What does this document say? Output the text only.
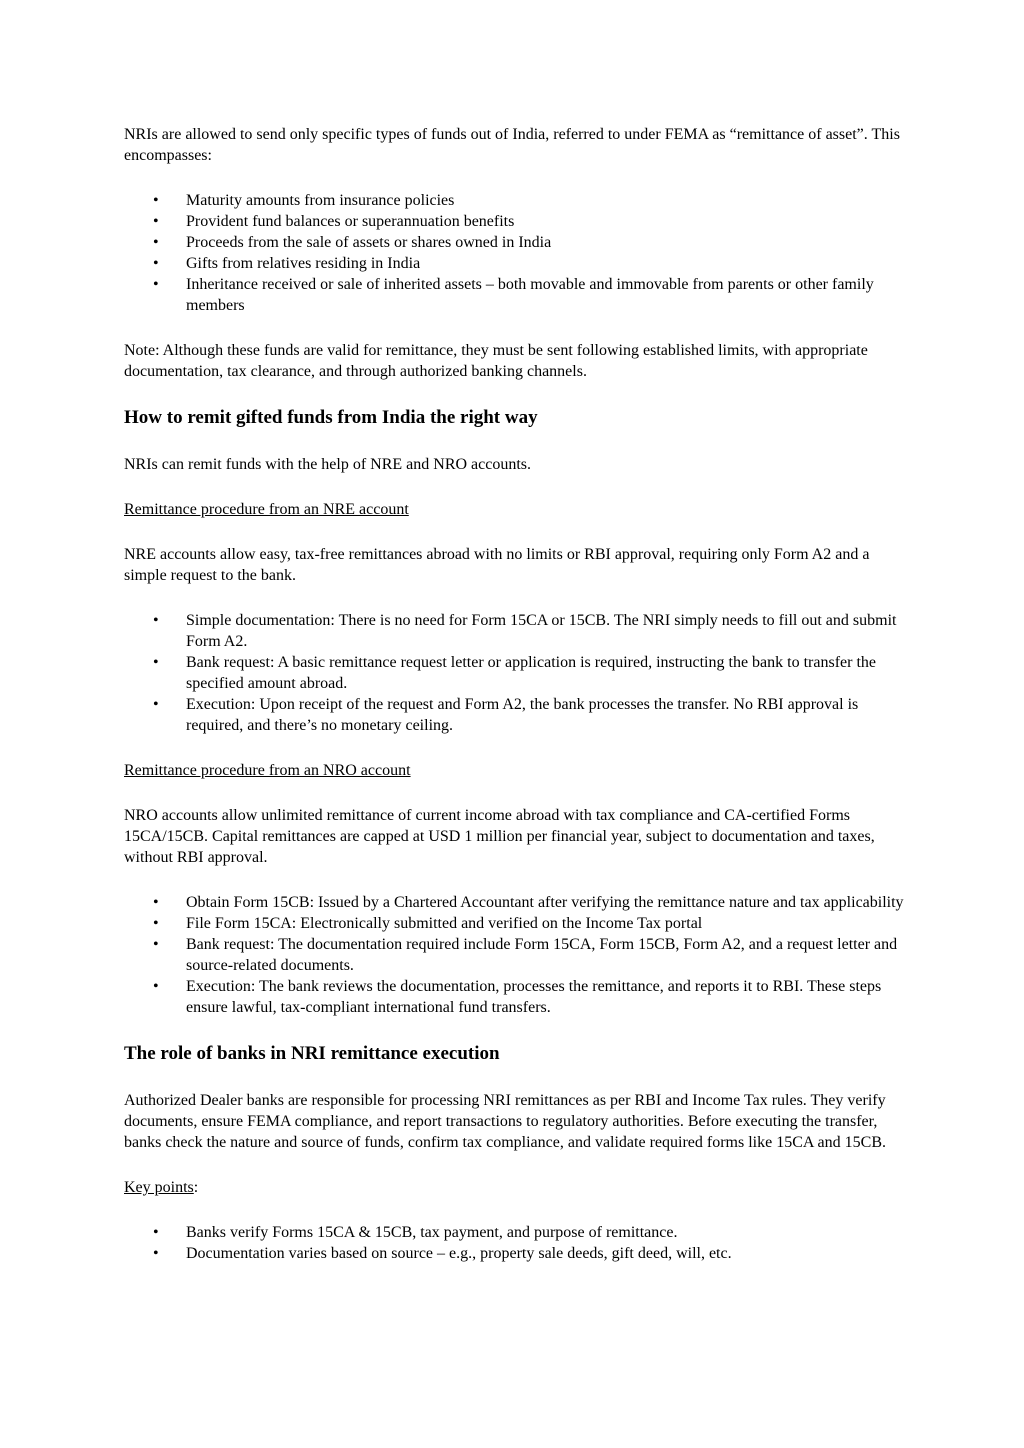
NRIs are allowed to send only specific types of funds out of India, referred to under FEMA as “remittance of asset”. This encompasses:

• Maturity amounts from insurance policies
• Provident fund balances or superannuation benefits
• Proceeds from the sale of assets or shares owned in India
• Gifts from relatives residing in India
• Inheritance received or sale of inherited assets – both movable and immovable from parents or other family members

Note: Although these funds are valid for remittance, they must be sent following established limits, with appropriate documentation, tax clearance, and through authorized banking channels.

How to remit gifted funds from India the right way

NRIs can remit funds with the help of NRE and NRO accounts.

Remittance procedure from an NRE account

NRE accounts allow easy, tax-free remittances abroad with no limits or RBI approval, requiring only Form A2 and a simple request to the bank.

• Simple documentation: There is no need for Form 15CA or 15CB. The NRI simply needs to fill out and submit Form A2.
• Bank request: A basic remittance request letter or application is required, instructing the bank to transfer the specified amount abroad.
• Execution: Upon receipt of the request and Form A2, the bank processes the transfer. No RBI approval is required, and there’s no monetary ceiling.

Remittance procedure from an NRO account

NRO accounts allow unlimited remittance of current income abroad with tax compliance and CA-certified Forms 15CA/15CB. Capital remittances are capped at USD 1 million per financial year, subject to documentation and taxes, without RBI approval.

• Obtain Form 15CB: Issued by a Chartered Accountant after verifying the remittance nature and tax applicability
• File Form 15CA: Electronically submitted and verified on the Income Tax portal
• Bank request: The documentation required include Form 15CA, Form 15CB, Form A2, and a request letter and source-related documents.
• Execution: The bank reviews the documentation, processes the remittance, and reports it to RBI. These steps ensure lawful, tax-compliant international fund transfers.
The role of banks in NRI remittance execution

Authorized Dealer banks are responsible for processing NRI remittances as per RBI and Income Tax rules. They verify documents, ensure FEMA compliance, and report transactions to regulatory authorities. Before executing the transfer, banks check the nature and source of funds, confirm tax compliance, and validate required forms like 15CA and 15CB.

Key points:

• Banks verify Forms 15CA & 15CB, tax payment, and purpose of remittance.
• Documentation varies based on source – e.g., property sale deeds, gift deed, will, etc.
